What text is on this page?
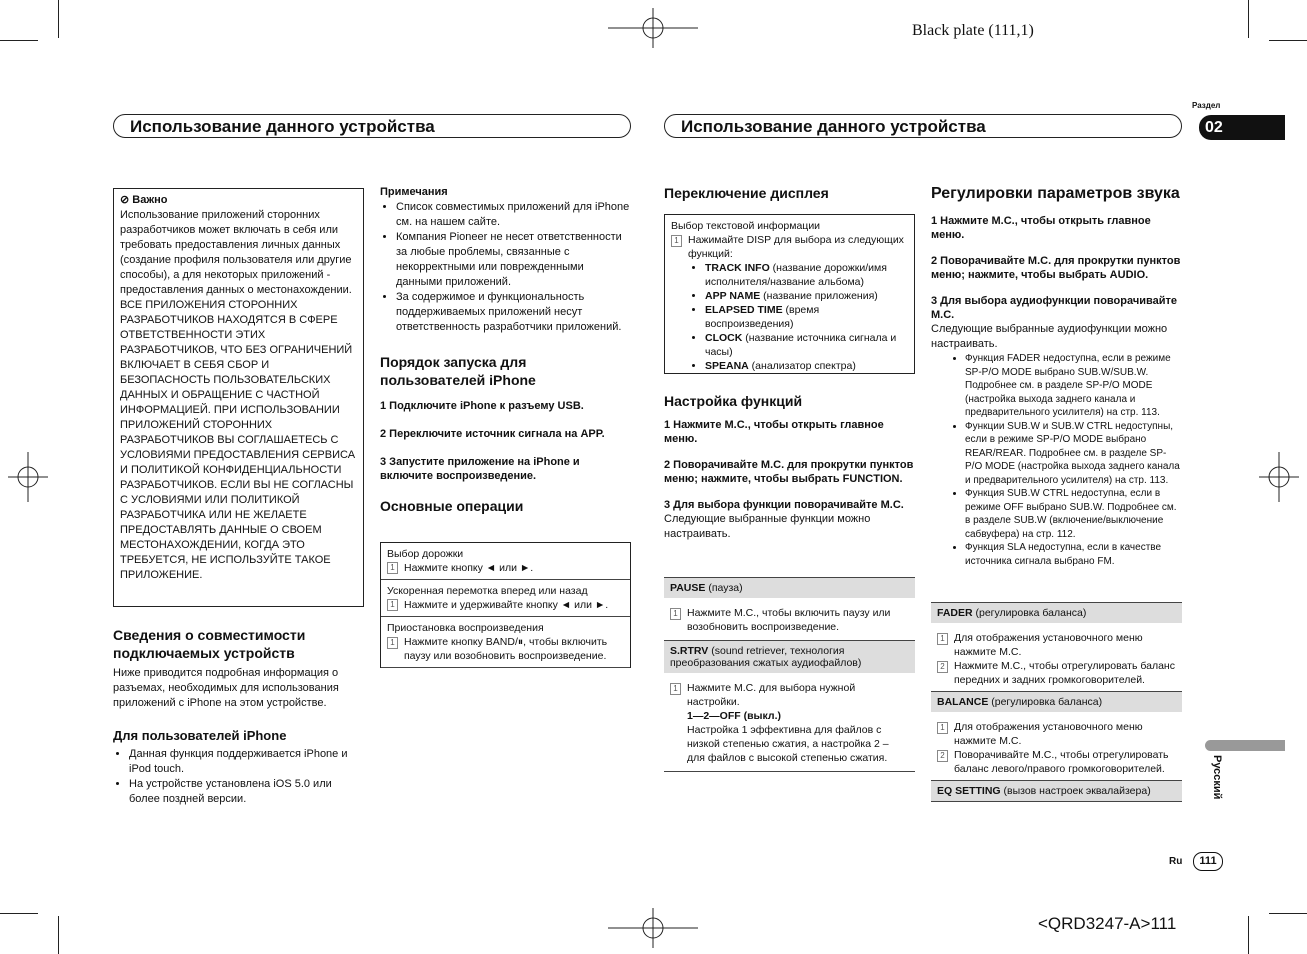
Black plate (111,1)
<QRD3247-A>111
Использование данного устройства	Использование данного устройства
Раздел
02
Русский
Ru	111
⊘ Важно
Использование приложений сторонних разработчиков может включать в себя или требовать предоставления личных данных (создание профиля пользователя или другие способы), а для некоторых приложений - предоставления данных о местонахождении.
ВСЕ ПРИЛОЖЕНИЯ СТОРОННИХ РАЗРАБОТЧИКОВ НАХОДЯТСЯ В СФЕРЕ ОТВЕТСТВЕННОСТИ ЭТИХ РАЗРАБОТЧИКОВ, ЧТО БЕЗ ОГРАНИЧЕНИЙ ВКЛЮЧАЕТ В СЕБЯ СБОР И БЕЗОПАСНОСТЬ ПОЛЬЗОВАТЕЛЬСКИХ ДАННЫХ И ОБРАЩЕНИЕ С ЧАСТНОЙ ИНФОРМАЦИЕЙ. ПРИ ИСПОЛЬЗОВАНИИ ПРИЛОЖЕНИЙ СТОРОННИХ РАЗРАБОТЧИКОВ ВЫ СОГЛАШАЕТЕСЬ С УСЛОВИЯМИ ПРЕДОСТАВЛЕНИЯ СЕРВИСА И ПОЛИТИКОЙ КОНФИДЕНЦИАЛЬНОСТИ РАЗРАБОТЧИКОВ. ЕСЛИ ВЫ НЕ СОГЛАСНЫ С УСЛОВИЯМИ ИЛИ ПОЛИТИКОЙ РАЗРАБОТЧИКА ИЛИ НЕ ЖЕЛАЕТЕ ПРЕДОСТАВЛЯТЬ ДАННЫЕ О СВОЕМ МЕСТОНАХОЖДЕНИИ, КОГДА ЭТО ТРЕБУЕТСЯ, НЕ ИСПОЛЬЗУЙТЕ ТАКОЕ ПРИЛОЖЕНИЕ.
Сведения о совместимости подключаемых устройств
Ниже приводится подробная информация о разъемах, необходимых для использования приложений с iPhone на этом устройстве.
Для пользователей iPhone
• Данная функция поддерживается iPhone и iPod touch.
• На устройстве установлена iOS 5.0 или более поздней версии.
Примечания
• Список совместимых приложений для iPhone см. на нашем сайте.
• Компания Pioneer не несет ответственности за любые проблемы, связанные с некорректными или поврежденными данными приложений.
• За содержимое и функциональность поддерживаемых приложений несут ответственность разработчики приложений.
Порядок запуска для пользователей iPhone
1 Подключите iPhone к разъему USB.
2 Переключите источник сигнала на APP.
3 Запустите приложение на iPhone и включите воспроизведение.
Основные операции
Выбор дорожки
1 Нажмите кнопку ◄ или ►.
Ускоренная перемотка вперед или назад
1 Нажмите и удерживайте кнопку ◄ или ►.
Приостановка воспроизведения
1 Нажмите кнопку BAND/⏸, чтобы включить паузу или возобновить воспроизведение.
Переключение дисплея
Выбор текстовой информации
1 Нажимайте DISP для выбора из следующих функций:
• TRACK INFO (название дорожки/имя исполнителя/название альбома)
• APP NAME (название приложения)
• ELAPSED TIME (время воспроизведения)
• CLOCK (название источника сигнала и часы)
• SPEANA (анализатор спектра)
Настройка функций
1 Нажмите M.C., чтобы открыть главное меню.
2 Поворачивайте M.C. для прокрутки пунктов меню; нажмите, чтобы выбрать FUNCTION.
3 Для выбора функции поворачивайте M.C.
Следующие выбранные функции можно настраивать.
PAUSE (пауза)
1 Нажмите M.C., чтобы включить паузу или возобновить воспроизведение.
S.RTRV (sound retriever, технология преобразования сжатых аудиофайлов)
1 Нажмите M.C. для выбора нужной настройки.
1—2—OFF (выкл.)
Настройка 1 эффективна для файлов с низкой степенью сжатия, а настройка 2 – для файлов с высокой степенью сжатия.
Регулировки параметров звука
1 Нажмите M.C., чтобы открыть главное меню.
2 Поворачивайте M.C. для прокрутки пунктов меню; нажмите, чтобы выбрать AUDIO.
3 Для выбора аудиофункции поворачивайте M.C.
Следующие выбранные аудиофункции можно настраивать.
• Функция FADER недоступна, если в режиме SP-P/O MODE выбрано SUB.W/SUB.W. Подробнее см. в разделе SP-P/O MODE (настройка выхода заднего канала и предварительного усилителя) на стр. 113.
• Функции SUB.W и SUB.W CTRL недоступны, если в режиме SP-P/O MODE выбрано REAR/REAR. Подробнее см. в разделе SP-P/O MODE (настройка выхода заднего канала и предварительного усилителя) на стр. 113.
• Функция SUB.W CTRL недоступна, если в режиме OFF выбрано SUB.W. Подробнее см. в разделе SUB.W (включение/выключение сабвуфера) на стр. 112.
• Функция SLA недоступна, если в качестве источника сигнала выбрано FM.
FADER (регулировка баланса)
1 Для отображения установочного меню нажмите M.C.
2 Нажмите M.C., чтобы отрегулировать баланс передних и задних громкоговорителей.
BALANCE (регулировка баланса)
1 Для отображения установочного меню нажмите M.C.
2 Поворачивайте M.C., чтобы отрегулировать баланс левого/правого громкоговорителей.
EQ SETTING (вызов настроек эквалайзера)
